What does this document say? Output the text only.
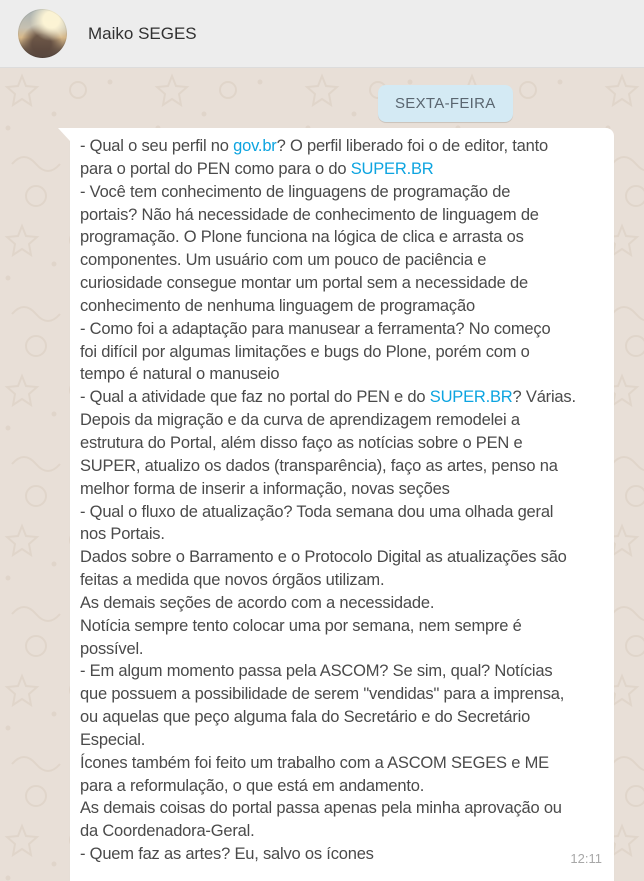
Maiko SEGES
SEXTA-FEIRA
- Qual o seu perfil no gov.br? O perfil liberado foi o de editor, tanto
para o portal do PEN como para o do SUPER.BR
- Você tem conhecimento de linguagens de programação de
portais? Não há necessidade de conhecimento de linguagem de
programação. O Plone funciona na lógica de clica e arrasta os
componentes. Um usuário com um pouco de paciência e
curiosidade consegue montar um portal sem a necessidade de
conhecimento de nenhuma linguagem de programação
- Como foi a adaptação para manusear a ferramenta? No começo
foi difícil por algumas limitações e bugs do Plone, porém com o
tempo é natural o manuseio
- Qual a atividade que faz no portal do PEN e do SUPER.BR? Várias.
Depois da migração e da curva de aprendizagem remodelei a
estrutura do Portal, além disso faço as notícias sobre o PEN e
SUPER, atualizo os dados (transparência), faço as artes, penso na
melhor forma de inserir a informação, novas seções
- Qual o fluxo de atualização? Toda semana dou uma olhada geral
nos Portais.
Dados sobre o Barramento e o Protocolo Digital as atualizações são
feitas a medida que novos órgãos utilizam.
As demais seções de acordo com a necessidade.
Notícia sempre tento colocar uma por semana, nem sempre é
possível.
- Em algum momento passa pela ASCOM? Se sim, qual? Notícias
que possuem a possibilidade de serem "vendidas" para a imprensa,
ou aquelas que peço alguma fala do Secretário e do Secretário
Especial.
Ícones também foi feito um trabalho com a ASCOM SEGES e ME
para a reformulação, o que está em andamento.
As demais coisas do portal passa apenas pela minha aprovação ou
da Coordenadora-Geral.
- Quem faz as artes? Eu, salvo os ícones	12:11
